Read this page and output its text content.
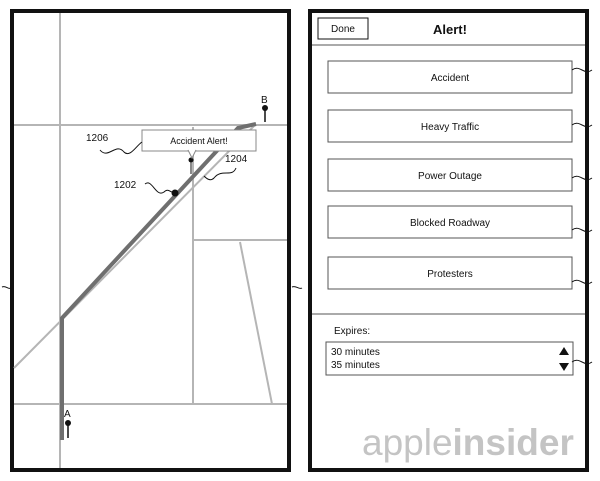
A
B
1202
1204
Accident Alert!
1206
Done	Alert!
Accident
Heavy Traffic
Power Outage
Blocked Roadway
Protesters
Expires:
30 minutes
35 minutes
appleinsider
